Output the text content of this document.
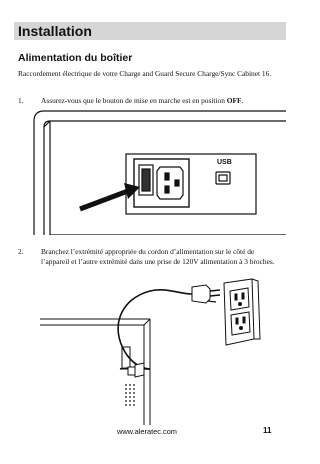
Installation
Alimentation du boîtier
Raccordement électrique de votre Charge and Guard Secure Charge/Sync Cabinet 16.
1. Assurez-vous que le bouton de mise en marche est en position OFF.
USB
2. Branchez l’extrémité appropriée du cordon d’alimentation sur le côté de l’appareil et l’autre extrémité dans une prise de 120V alimentation à 3 broches.
www.aleratec.com	11
